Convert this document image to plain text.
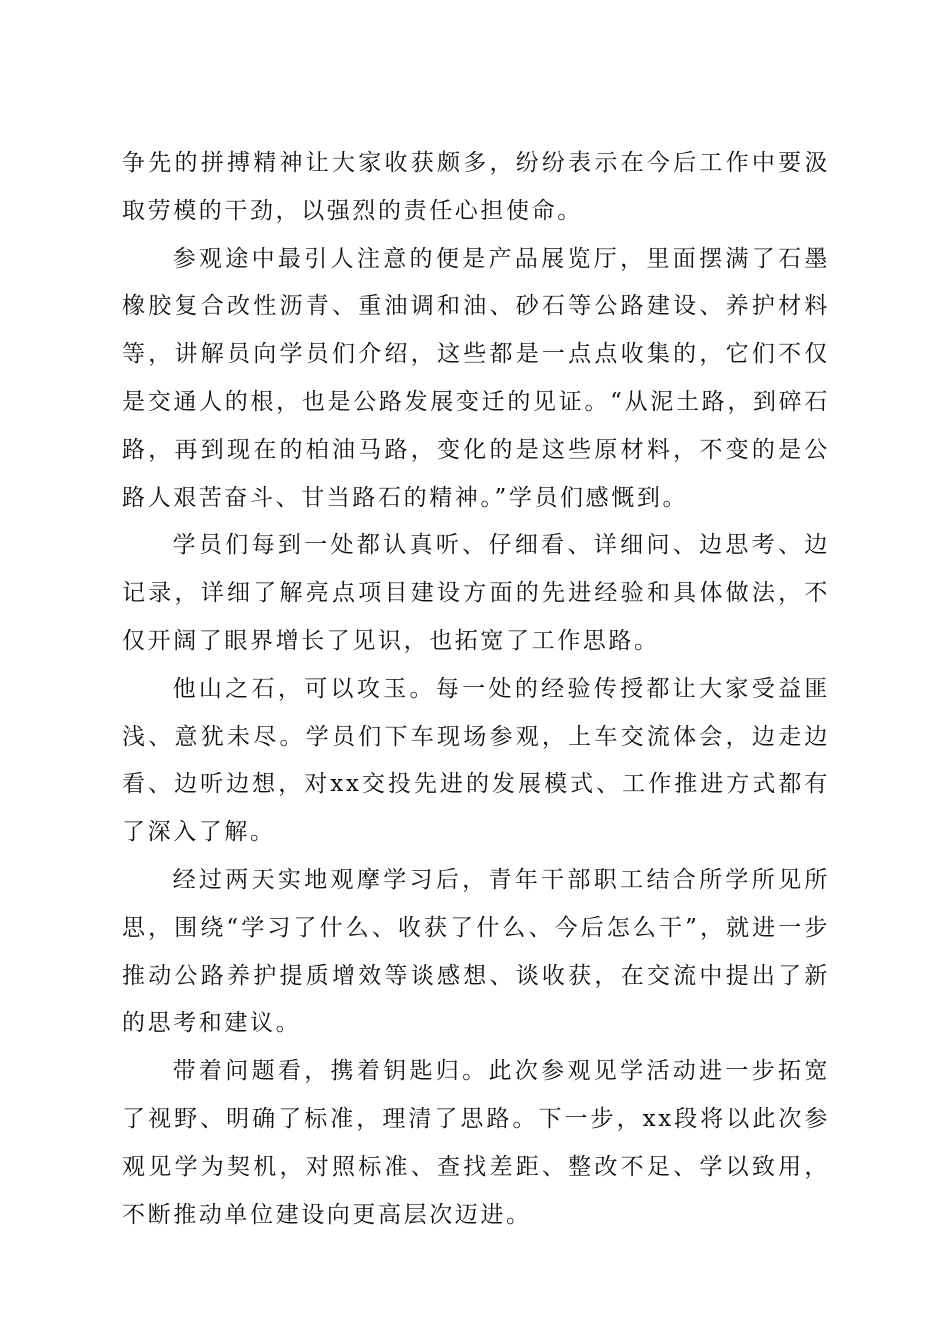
争先的拼搏精神让大家收获颇多，纷纷表示在今后工作中要汲取劳模的干劲，以强烈的责任心担使命。

参观途中最引人注意的便是产品展览厅，里面摆满了石墨橡胶复合改性沥青、重油调和油、砂石等公路建设、养护材料等，讲解员向学员们介绍，这些都是一点点收集的，它们不仅是交通人的根，也是公路发展变迁的见证。“从泥土路，到碎石路，再到现在的柏油马路，变化的是这些原材料，不变的是公路人艰苦奋斗、甘当路石的精神。”学员们感慨到。

学员们每到一处都认真听、仔细看、详细问、边思考、边记录，详细了解亮点项目建设方面的先进经验和具体做法，不仅开阔了眼界增长了见识，也拓宽了工作思路。

他山之石，可以攻玉。每一处的经验传授都让大家受益匪浅、意犹未尽。学员们下车现场参观，上车交流体会，边走边看、边听边想，对xx交投先进的发展模式、工作推进方式都有了深入了解。

经过两天实地观摩学习后，青年干部职工结合所学所见所思，围绕“学习了什么、收获了什么、今后怎么干”，就进一步推动公路养护提质增效等谈感想、谈收获，在交流中提出了新的思考和建议。

带着问题看，携着钥匙归。此次参观见学活动进一步拓宽了视野、明确了标准，理清了思路。下一步，xx段将以此次参观见学为契机，对照标准、查找差距、整改不足、学以致用，不断推动单位建设向更高层次迈进。
